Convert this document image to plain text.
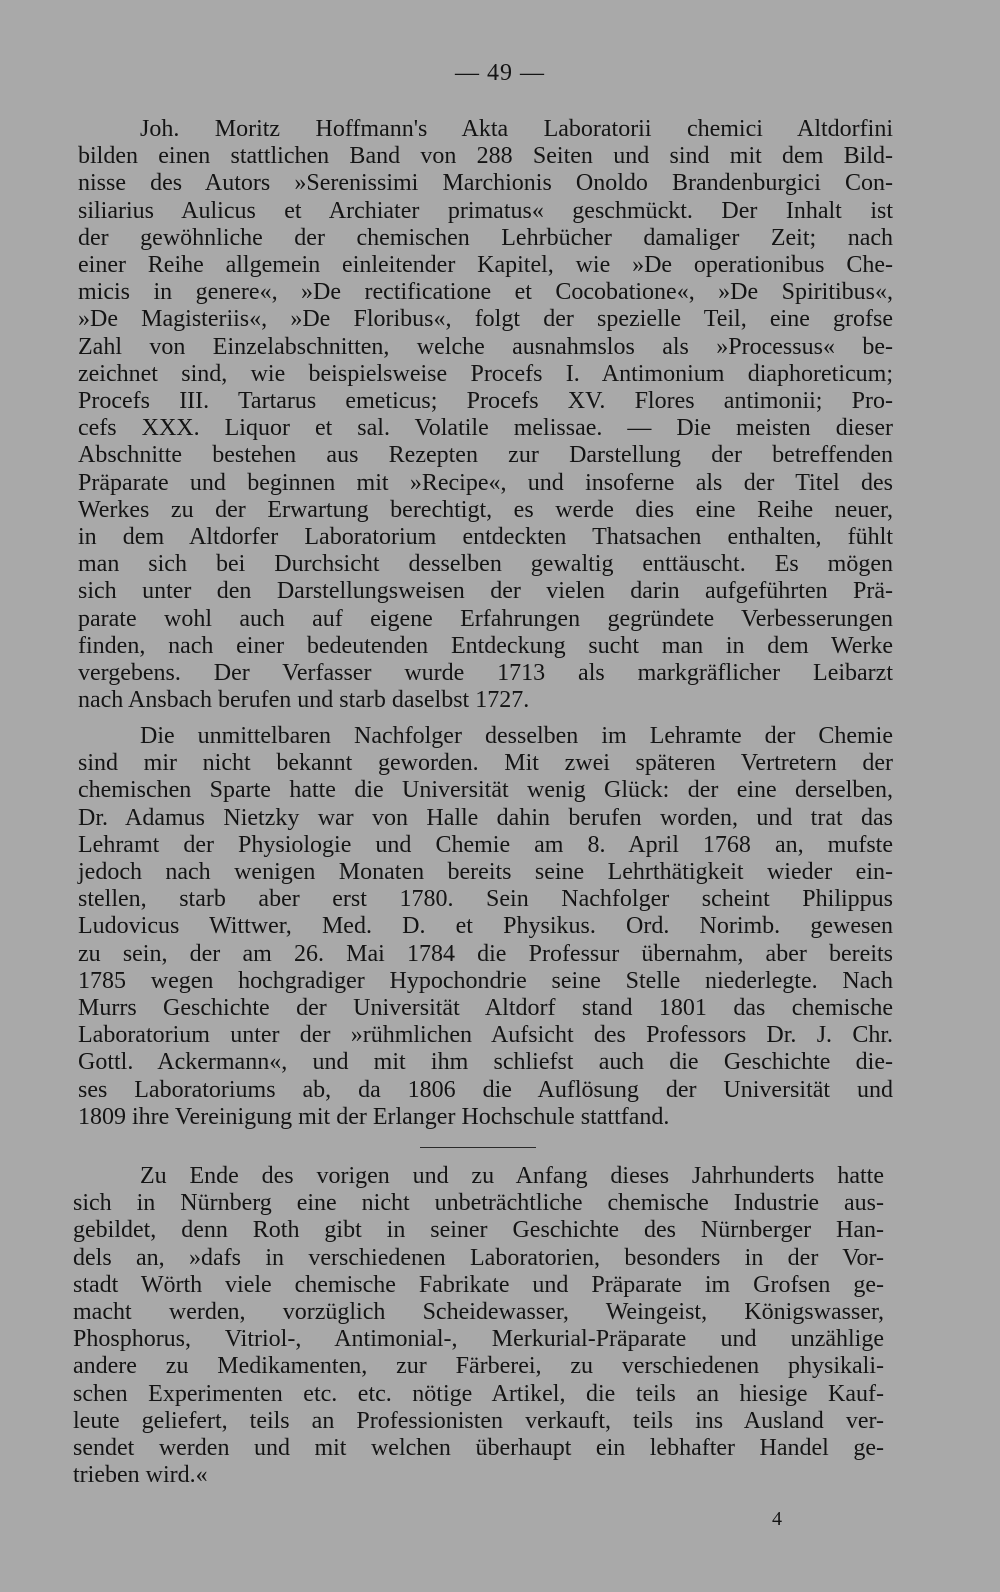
— 49 —
Joh. Moritz Hoffmann's Akta Laboratorii chemici Altdorfini
bilden einen stattlichen Band von 288 Seiten und sind mit dem Bild-
nisse des Autors »Serenissimi Marchionis Onoldo Brandenburgici Con-
siliarius Aulicus et Archiater primatus« geschmückt. Der Inhalt ist
der gewöhnliche der chemischen Lehrbücher damaliger Zeit; nach
einer Reihe allgemein einleitender Kapitel, wie »De operationibus Che-
micis in genere«, »De rectificatione et Cocobatione«, »De Spiritibus«,
»De Magisteriis«, »De Floribus«, folgt der spezielle Teil, eine grofse
Zahl von Einzelabschnitten, welche ausnahmslos als »Processus« be-
zeichnet sind, wie beispielsweise Procefs I. Antimonium diaphoreticum;
Procefs III. Tartarus emeticus; Procefs XV. Flores antimonii; Pro-
cefs XXX. Liquor et sal. Volatile melissae. — Die meisten dieser
Abschnitte bestehen aus Rezepten zur Darstellung der betreffenden
Präparate und beginnen mit »Recipe«, und insoferne als der Titel des
Werkes zu der Erwartung berechtigt, es werde dies eine Reihe neuer,
in dem Altdorfer Laboratorium entdeckten Thatsachen enthalten, fühlt
man sich bei Durchsicht desselben gewaltig enttäuscht. Es mögen
sich unter den Darstellungsweisen der vielen darin aufgeführten Prä-
parate wohl auch auf eigene Erfahrungen gegründete Verbesserungen
finden, nach einer bedeutenden Entdeckung sucht man in dem Werke
vergebens. Der Verfasser wurde 1713 als markgräflicher Leibarzt
nach Ansbach berufen und starb daselbst 1727.
Die unmittelbaren Nachfolger desselben im Lehramte der Chemie
sind mir nicht bekannt geworden. Mit zwei späteren Vertretern der
chemischen Sparte hatte die Universität wenig Glück: der eine derselben,
Dr. Adamus Nietzky war von Halle dahin berufen worden, und trat das
Lehramt der Physiologie und Chemie am 8. April 1768 an, mufste
jedoch nach wenigen Monaten bereits seine Lehrthätigkeit wieder ein-
stellen, starb aber erst 1780. Sein Nachfolger scheint Philippus
Ludovicus Wittwer, Med. D. et Physikus. Ord. Norimb. gewesen
zu sein, der am 26. Mai 1784 die Professur übernahm, aber bereits
1785 wegen hochgradiger Hypochondrie seine Stelle niederlegte. Nach
Murrs Geschichte der Universität Altdorf stand 1801 das chemische
Laboratorium unter der »rühmlichen Aufsicht des Professors Dr. J. Chr.
Gottl. Ackermann«, und mit ihm schliefst auch die Geschichte die-
ses Laboratoriums ab, da 1806 die Auflösung der Universität und
1809 ihre Vereinigung mit der Erlanger Hochschule stattfand.
Zu Ende des vorigen und zu Anfang dieses Jahrhunderts hatte
sich in Nürnberg eine nicht unbeträchtliche chemische Industrie aus-
gebildet, denn Roth gibt in seiner Geschichte des Nürnberger Han-
dels an, »dafs in verschiedenen Laboratorien, besonders in der Vor-
stadt Wörth viele chemische Fabrikate und Präparate im Grofsen ge-
macht werden, vorzüglich Scheidewasser, Weingeist, Königswasser,
Phosphorus, Vitriol-, Antimonial-, Merkurial-Präparate und unzählige
andere zu Medikamenten, zur Färberei, zu verschiedenen physikali-
schen Experimenten etc. etc. nötige Artikel, die teils an hiesige Kauf-
leute geliefert, teils an Professionisten verkauft, teils ins Ausland ver-
sendet werden und mit welchen überhaupt ein lebhafter Handel ge-
trieben wird.«
4
